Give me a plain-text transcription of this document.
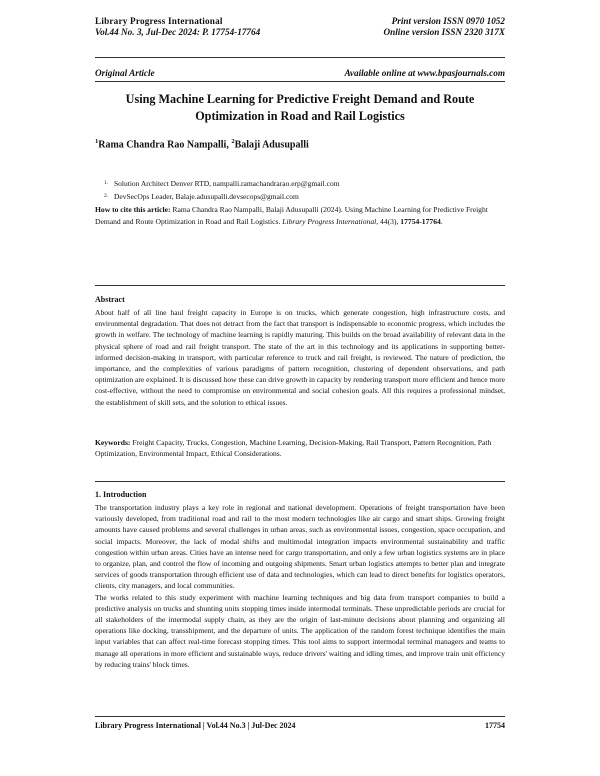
Library Progress International
Vol.44 No. 3, Jul-Dec 2024: P. 17754-17764
Print version ISSN 0970 1052
Online version ISSN 2320 317X
Original Article	Available online at www.bpasjournals.com
Using Machine Learning for Predictive Freight Demand and Route Optimization in Road and Rail Logistics
$^1$Rama Chandra Rao Nampalli, $^2$Balaji Adusupalli
1. Solution Architect Denver RTD, nampalli.ramachandrarao.erp@gmail.com
2. DevSecOps Leader, Balaje.adusupalli.devsecops@gmail.com
How to cite this article: Rama Chandra Rao Nampalli, Balaji Adusupalli (2024). Using Machine Learning for Predictive Freight Demand and Route Optimization in Road and Rail Logistics. Library Progress International, 44(3), 17754-17764.
Abstract
About half of all line haul freight capacity in Europe is on trucks, which generate congestion, high infrastructure costs, and environmental degradation. That does not detract from the fact that transport is indispensable to economic progress, which includes the growth in welfare. The technology of machine learning is rapidly maturing. This builds on the broad availability of relevant data in the physical sphere of road and rail freight transport. The state of the art in this technology and its applications in supporting better-informed decision-making in transport, with particular reference to truck and rail freight, is reviewed. The nature of prediction, the importance, and the complexities of various paradigms of pattern recognition, clustering of dependent observations, and path optimization are explained. It is discussed how these can drive growth in capacity by rendering transport more efficient and hence more cost-effective, without the need to compromise on environmental and social cohesion goals. All this requires a professional mindset, the establishment of skill sets, and the solution to ethical issues.
Keywords: Freight Capacity, Trucks, Congestion, Machine Learning, Decision-Making, Rail Transport, Pattern Recognition, Path Optimization, Environmental Impact, Ethical Considerations.
1. Introduction

The transportation industry plays a key role in regional and national development. Operations of freight transportation have been variously developed, from traditional road and rail to the most modern technologies like air cargo and smart ships. Growing freight amounts have caused problems and several challenges in urban areas, such as environmental issues, congestion, space occupation, and social impacts. Moreover, the lack of modal shifts and multimodal integration impacts environmental sustainability and traffic congestion within urban areas. Cities have an intense need for cargo transportation, and only a few urban logistics systems are in place to organize, plan, and control the flow of incoming and outgoing shipments. Smart urban logistics attempts to better plan and integrate services of goods transportation through efficient use of data and technologies, which can lead to direct benefits for logistics operators, clients, city managers, and local communities.

The works related to this study experiment with machine learning techniques and big data from transport companies to build a predictive analysis on trucks and shunting units stopping times inside intermodal terminals. These unpredictable periods are crucial for all stakeholders of the intermodal supply chain, as they are the origin of last-minute decisions about planning and organizing all operations like docking, transshipment, and the departure of units. The application of the random forest technique identifies the main input variables that can affect real-time forecast stopping times. This tool aims to support intermodal terminal managers and teams to manage all operations in more efficient and sustainable ways, reduce drivers' waiting and idling times, and improve train unit efficiency by reducing trains' block times.

Library Progress International | Vol.44 No.3 | Jul-Dec 2024	17754
